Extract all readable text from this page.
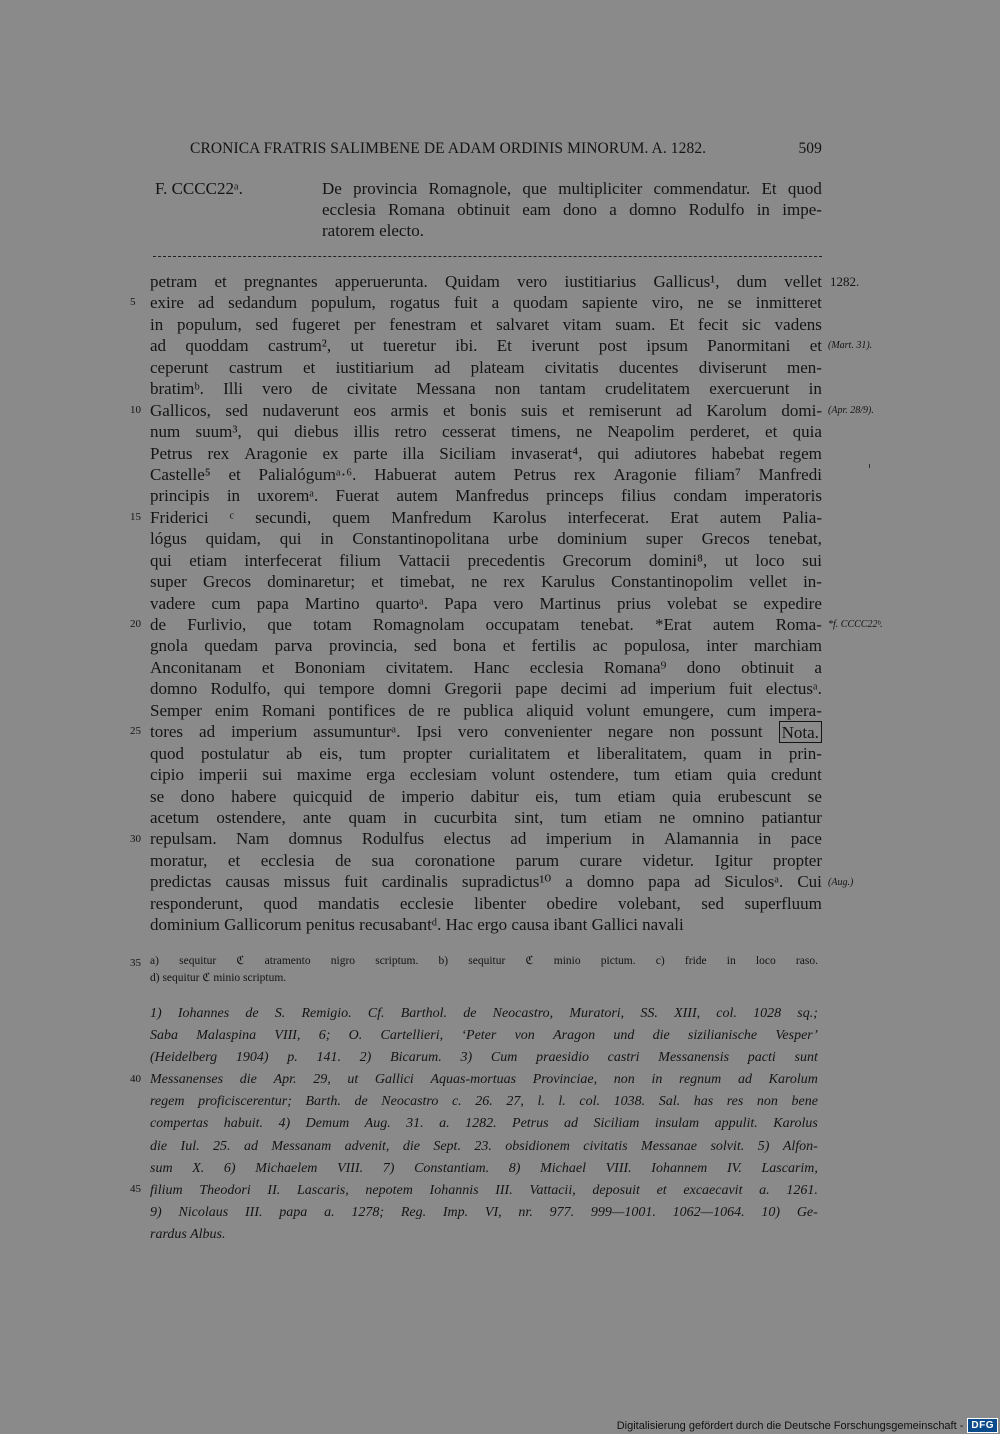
CRONICA FRATRIS SALIMBENE DE ADAM ORDINIS MINORUM. A. 1282.	509
F. CCCC22ᵃ.	De provincia Romagnole, que multipliciter commendatur. Et quod
ecclesia Romana obtinuit eam dono a domno Rodulfo in impe-
ratorem electo.
petram et pregnantes apperuerunta. Quidam vero iustitiarius Gallicus¹, dum vellet
exire ad sedandum populum, rogatus fuit a quodam sapiente viro, ne se inmitteret
in populum, sed fugeret per fenestram et salvaret vitam suam. Et fecit sic vadens
ad quoddam castrum², ut tueretur ibi. Et iverunt post ipsum Panormitani et
ceperunt castrum et iustitiarium ad plateam civitatis ducentes diviserunt men-
bratimᵇ. Illi vero de civitate Messana non tantam crudelitatem exercuerunt in
Gallicos, sed nudaverunt eos armis et bonis suis et remiserunt ad Karolum domi-
num suum³, qui diebus illis retro cesserat timens, ne Neapolim perderet, et quia
Petrus rex Aragonie ex parte illa Siciliam invaserat⁴, qui adiutores habebat regem
Castelle⁵ et Palialógumᵃ·⁶. Habuerat autem Petrus rex Aragonie filiam⁷ Manfredi
principis in uxoremᵃ. Fuerat autem Manfredus princeps filius condam imperatoris
Friderici ᶜ secundi, quem Manfredum Karolus interfecerat. Erat autem Palia-
lógus quidam, qui in Constantinopolitana urbe dominium super Grecos tenebat,
qui etiam interfecerat filium Vattacii precedentis Grecorum domini⁸, ut loco sui
super Grecos dominaretur; et timebat, ne rex Karulus Constantinopolim vellet in-
vadere cum papa Martino quartoᵃ. Papa vero Martinus prius volebat se expedire
de Furlivio, que totam Romagnolam occupatam tenebat. *Erat autem Roma-
gnola quedam parva provincia, sed bona et fertilis ac populosa, inter marchiam
Anconitanam et Bononiam civitatem. Hanc ecclesia Romana⁹ dono obtinuit a
domno Rodulfo, qui tempore domni Gregorii pape decimi ad imperium fuit electusᵃ.
Semper enim Romani pontifices de re publica aliquid volunt emungere, cum impera-
tores ad imperium assumunturᵃ. Ipsi vero convenienter negare non possunt Nota.
quod postulatur ab eis, tum propter curialitatem et liberalitatem, quam in prin-
cipio imperii sui maxime erga ecclesiam volunt ostendere, tum etiam quia credunt
se dono habere quicquid de imperio dabitur eis, tum etiam quia erubescunt se
acetum ostendere, ante quam in cucurbita sint, tum etiam ne omnino patiantur
repulsam. Nam domnus Rodulfus electus ad imperium in Alamannia in pace
moratur, et ecclesia de sua coronatione parum curare videtur. Igitur propter
predictas causas missus fuit cardinalis supradictus¹⁰ a domno papa ad Siculosᵃ. Cui
responderunt, quod mandatis ecclesie libenter obedire volebant, sed superfluum
dominium Gallicorum penitus recusabantᵈ. Hac ergo causa ibant Gallici navali
5
10
15
20
25
30
1282.
(Mart. 31).
(Apr. 28/9).
*f. CCCC22ᵇ.
(Aug.)
a) sequitur ℭ atramento nigro scriptum. b) sequitur ℭ minio pictum. c) fride in loco raso.
d) sequitur ℭ minio scriptum.
35
1) Iohannes de S. Remigio. Cf. Barthol. de Neocastro, Muratori, SS. XIII, col. 1028 sq.;
Saba Malaspina VIII, 6; O. Cartellieri, ‘Peter von Aragon und die sizilianische Vesper’
(Heidelberg 1904) p. 141. 2) Bicarum. 3) Cum praesidio castri Messanensis pacti sunt
Messanenses die Apr. 29, ut Gallici Aquas-mortuas Provinciae, non in regnum ad Karolum
regem proficiscerentur; Barth. de Neocastro c. 26. 27, l. l. col. 1038. Sal. has res non bene
compertas habuit. 4) Demum Aug. 31. a. 1282. Petrus ad Siciliam insulam appulit. Karolus
die Iul. 25. ad Messanam advenit, die Sept. 23. obsidionem civitatis Messanae solvit. 5) Alfon-
sum X. 6) Michaelem VIII. 7) Constantiam. 8) Michael VIII. Iohannem IV. Lascarim,
filium Theodori II. Lascaris, nepotem Iohannis III. Vattacii, deposuit et excaecavit a. 1261.
9) Nicolaus III. papa a. 1278; Reg. Imp. VI, nr. 977. 999—1001. 1062—1064. 10) Ge-
rardus Albus.
40
45
Digitalisierung gefördert durch die Deutsche Forschungsgemeinschaft - DFG
